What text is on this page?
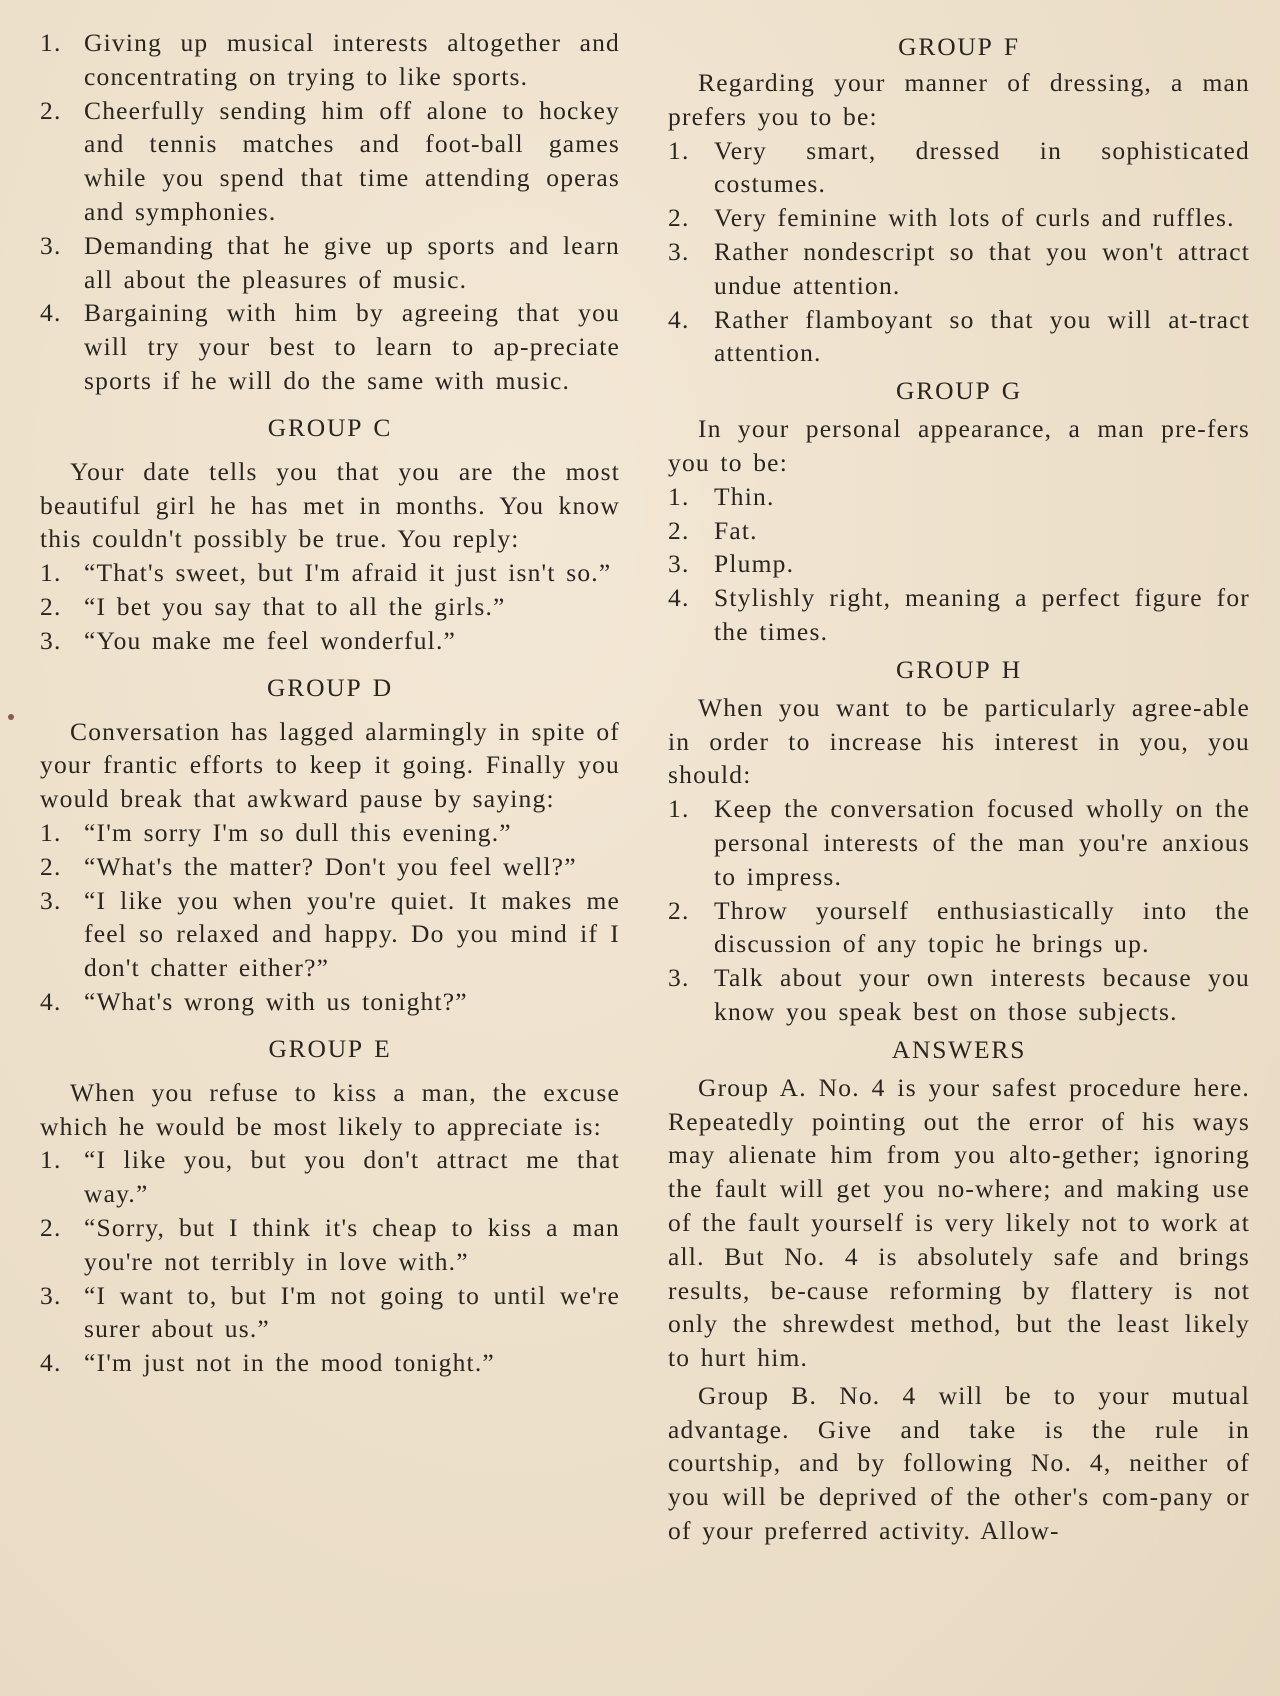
1. Giving up musical interests altogether and concentrating on trying to like sports.
2. Cheerfully sending him off alone to hockey and tennis matches and foot-ball games while you spend that time attending operas and symphonies.
3. Demanding that he give up sports and learn all about the pleasures of music.
4. Bargaining with him by agreeing that you will try your best to learn to ap-preciate sports if he will do the same with music.
GROUP C

Your date tells you that you are the most beautiful girl he has met in months. You know this couldn't possibly be true. You reply:

1. “That's sweet, but I'm afraid it just isn't so.”
2. “I bet you say that to all the girls.”
3. “You make me feel wonderful.”
GROUP D

Conversation has lagged alarmingly in spite of your frantic efforts to keep it going. Finally you would break that awkward pause by saying:

1. “I'm sorry I'm so dull this evening.”
2. “What's the matter? Don't you feel well?”
3. “I like you when you're quiet. It makes me feel so relaxed and happy. Do you mind if I don't chatter either?”
4. “What's wrong with us tonight?”
GROUP E

When you refuse to kiss a man, the excuse which he would be most likely to appreciate is:

1. “I like you, but you don't attract me that way.”
2. “Sorry, but I think it's cheap to kiss a man you're not terribly in love with.”
3. “I want to, but I'm not going to until we're surer about us.”
4. “I'm just not in the mood tonight.”
GROUP F

Regarding your manner of dressing, a man prefers you to be:

1. Very smart, dressed in sophisticated costumes.
2. Very feminine with lots of curls and ruffles.
3. Rather nondescript so that you won't attract undue attention.
4. Rather flamboyant so that you will at-tract attention.
GROUP G

In your personal appearance, a man pre-fers you to be:

1. Thin.
2. Fat.
3. Plump.
4. Stylishly right, meaning a perfect figure for the times.
GROUP H

When you want to be particularly agree-able in order to increase his interest in you, you should:

1. Keep the conversation focused wholly on the personal interests of the man you're anxious to impress.
2. Throw yourself enthusiastically into the discussion of any topic he brings up.
3. Talk about your own interests because you know you speak best on those subjects.
ANSWERS

Group A. No. 4 is your safest procedure here. Repeatedly pointing out the error of his ways may alienate him from you alto-gether; ignoring the fault will get you no-where; and making use of the fault yourself is very likely not to work at all. But No. 4 is absolutely safe and brings results, be-cause reforming by flattery is not only the shrewdest method, but the least likely to hurt him.

Group B. No. 4 will be to your mutual advantage. Give and take is the rule in courtship, and by following No. 4, neither of you will be deprived of the other's com-pany or of your preferred activity. Allow-
